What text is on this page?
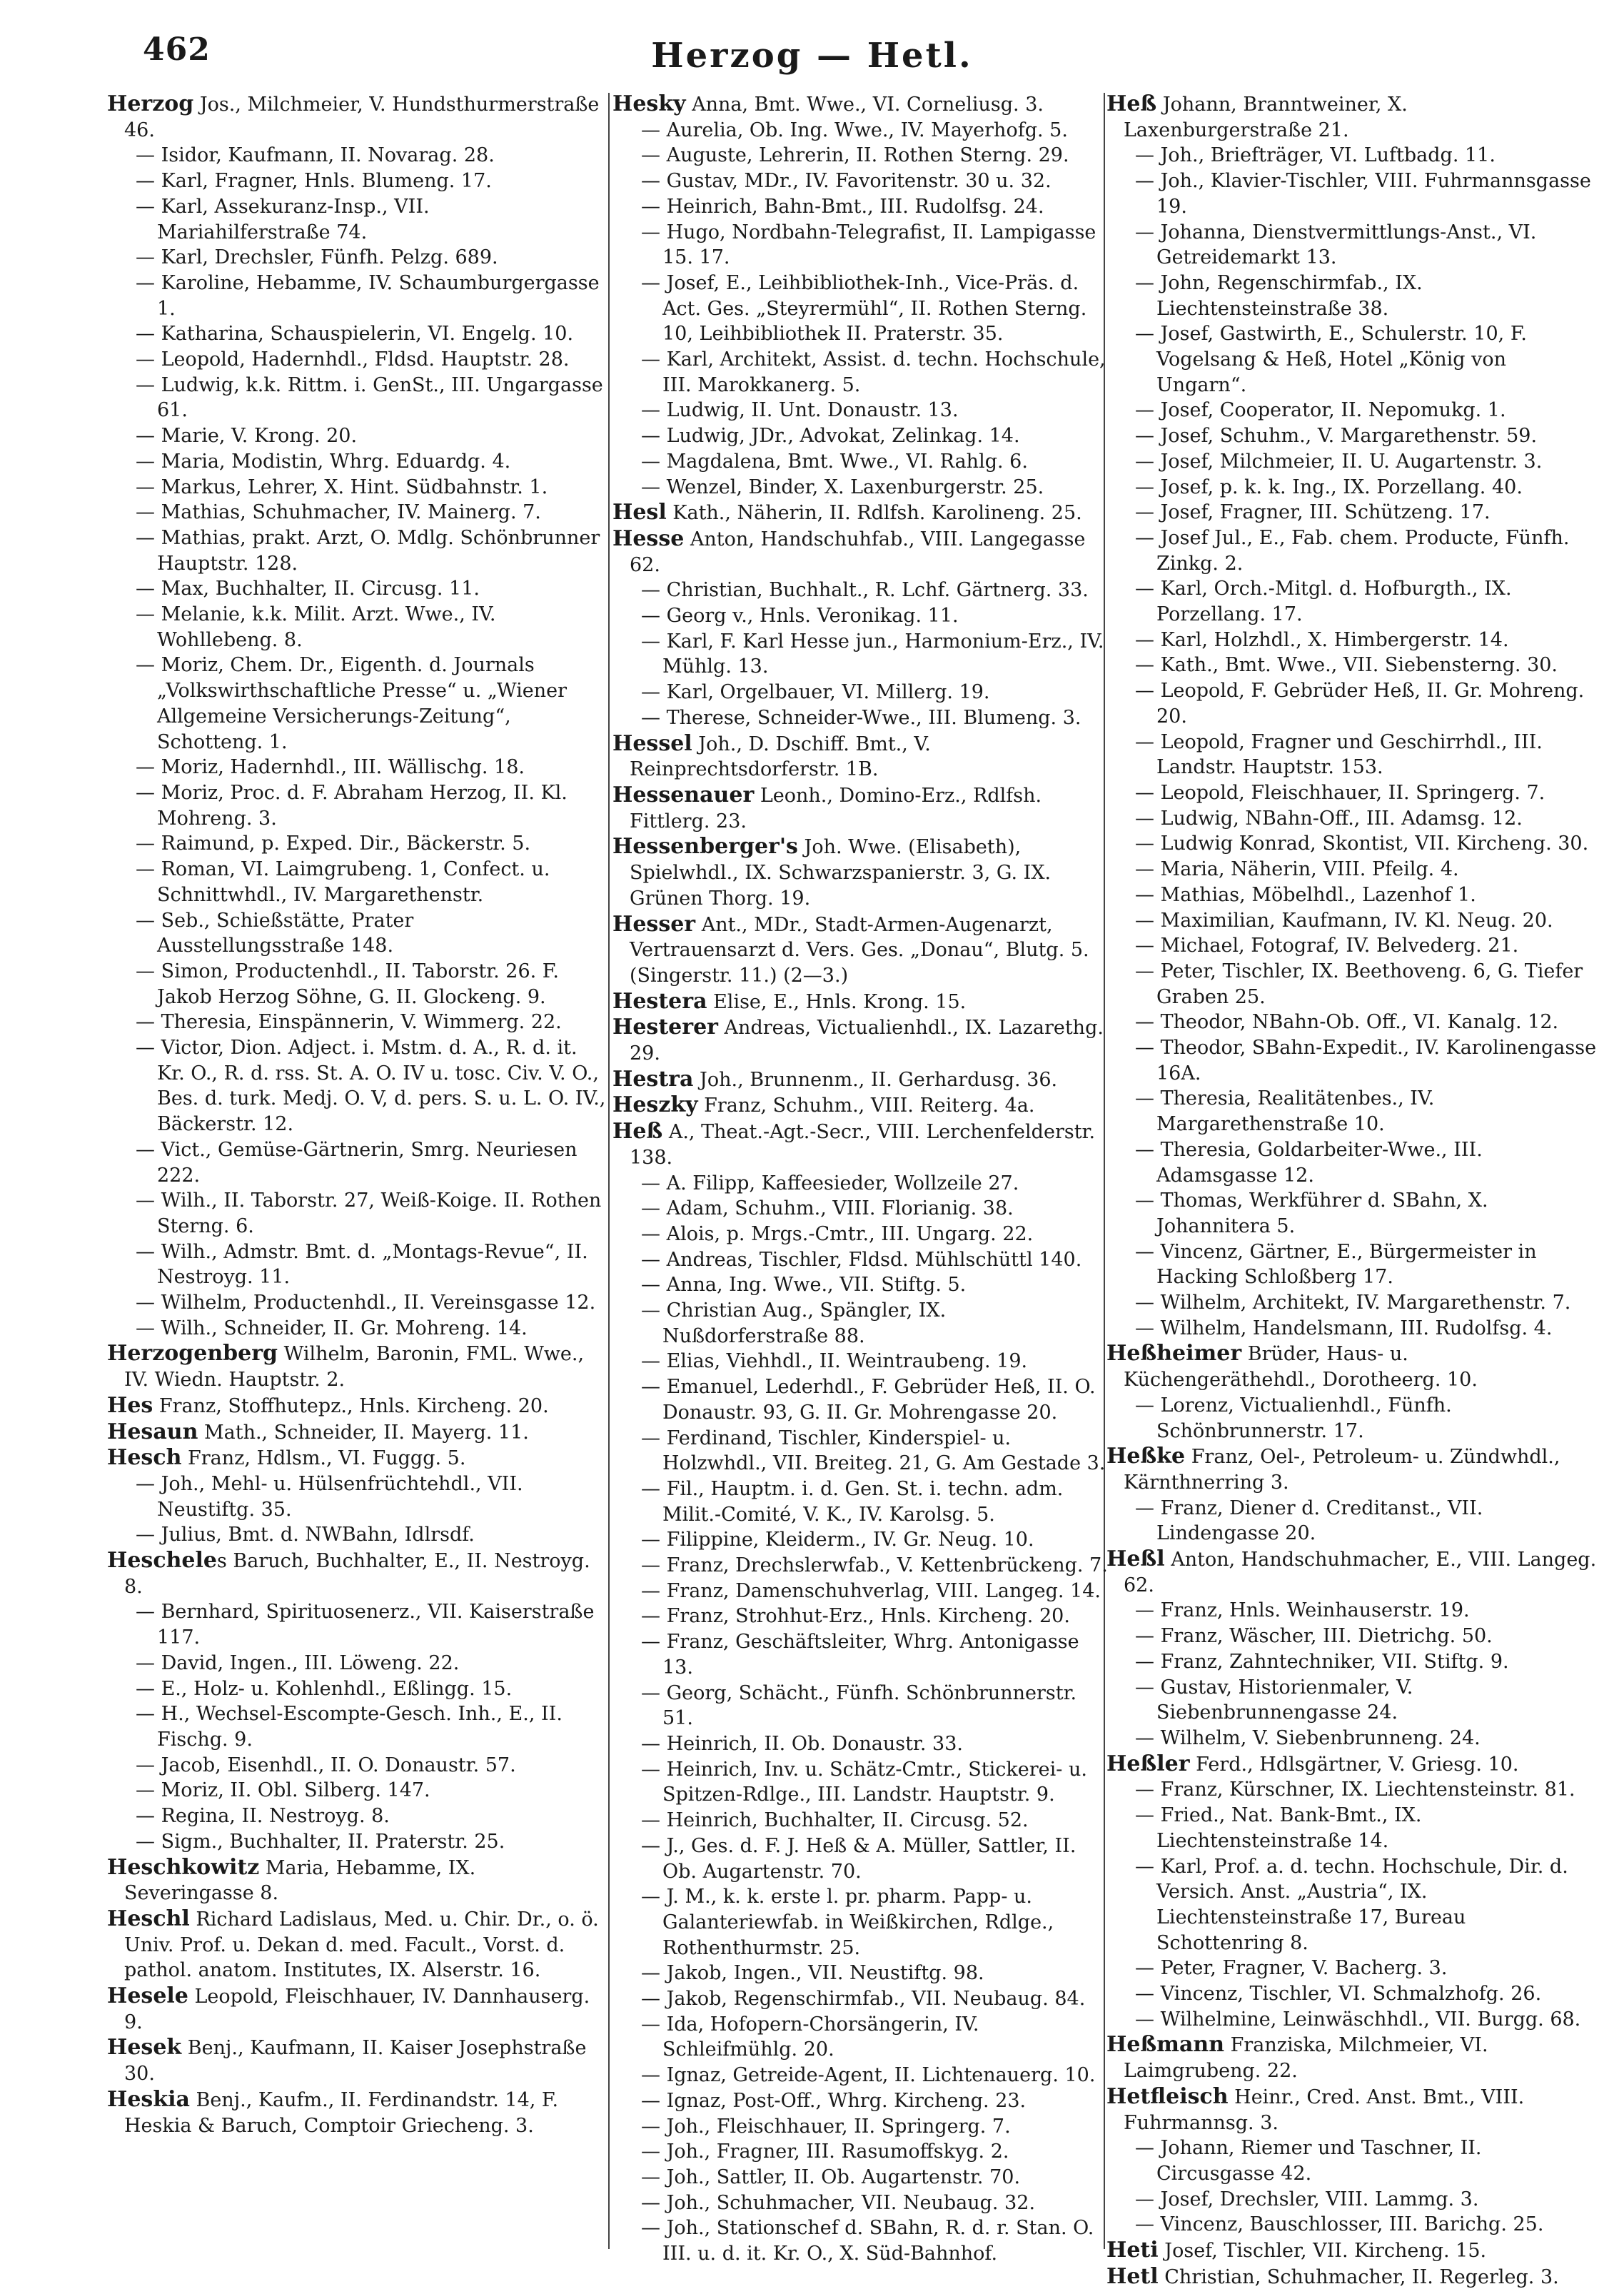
462	Herzog — Hetl.
Herzog Jos., Milchmeier, V. Hundsthurmerstraße 46.
— Isidor, Kaufmann, II. Novarag. 28.
— Karl, Fragner, Hnls. Blumeng. 17.
— Karl, Assekuranz-Insp., VII. Mariahilferstraße 74.
— Karl, Drechsler, Fünfh. Pelzg. 689.
— Karoline, Hebamme, IV. Schaumburgergasse 1.
— Katharina, Schauspielerin, VI. Engelg. 10.
— Leopold, Hadernhdl., Fldsd. Hauptstr. 28.
— Ludwig, k.k. Rittm. i. GenSt., III. Ungargasse 61.
— Marie, V. Krong. 20.
— Maria, Modistin, Whrg. Eduardg. 4.
— Markus, Lehrer, X. Hint. Südbahnstr. 1.
— Mathias, Schuhmacher, IV. Mainerg. 7.
— Mathias, prakt. Arzt, O. Mdlg. Schönbrunner Hauptstr. 128.
— Max, Buchhalter, II. Circusg. 11.
— Melanie, k.k. Milit. Arzt. Wwe., IV. Wohllebeng. 8.
— Moriz, Chem. Dr., Eigenth. d. Journals „Volkswirthschaftliche Presse“ u. „Wiener Allgemeine Versicherungs-Zeitung“, Schotteng. 1.
— Moriz, Hadernhdl., III. Wällischg. 18.
— Moriz, Proc. d. F. Abraham Herzog, II. Kl. Mohreng. 3.
— Raimund, p. Exped. Dir., Bäckerstr. 5.
— Roman, VI. Laimgrubeng. 1, Confect. u. Schnittwhdl., IV. Margarethenstr.
— Seb., Schießstätte, Prater Ausstellungsstraße 148.
— Simon, Productenhdl., II. Taborstr. 26. F. Jakob Herzog Söhne, G. II. Glockeng. 9.
— Theresia, Einspännerin, V. Wimmerg. 22.
— Victor, Dion. Adject. i. Mstm. d. A., R. d. it. Kr. O., R. d. rss. St. A. O. IV u. tosc. Civ. V. O., Bes. d. turk. Medj. O. V, d. pers. S. u. L. O. IV., Bäckerstr. 12.
— Vict., Gemüse-Gärtnerin, Smrg. Neuriesen 222.
— Wilh., II. Taborstr. 27, Weiß-Koige. II. Rothen Sterng. 6.
— Wilh., Admstr. Bmt. d. „Montags-Revue“, II. Nestroyg. 11.
— Wilhelm, Productenhdl., II. Vereinsgasse 12.
— Wilh., Schneider, II. Gr. Mohreng. 14.
Herzogenberg Wilhelm, Baronin, FML. Wwe., IV. Wiedn. Hauptstr. 2.
Hes Franz, Stoffhutерz., Hnls. Kircheng. 20.
Hesaun Math., Schneider, II. Mayerg. 11.
Hesch Franz, Hdlsm., VI. Fuggg. 5.
— Joh., Mehl- u. Hülsenfrüchtehdl., VII. Neustiftg. 35.
— Julius, Bmt. d. NWBahn, Idlrsdf.
Hescheles Baruch, Buchhalter, E., II. Nestroyg. 8.
— Bernhard, Spirituosenerz., VII. Kaiserstraße 117.
— David, Ingen., III. Löweng. 22.
— E., Holz- u. Kohlenhdl., Eßlingg. 15.
— H., Wechsel-Escompte-Gesch. Inh., E., II. Fischg. 9.
— Jacob, Eisenhdl., II. O. Donaustr. 57.
— Moriz, II. Obl. Silberg. 147.
— Regina, II. Nestroyg. 8.
— Sigm., Buchhalter, II. Praterstr. 25.
Heschkowitz Maria, Hebamme, IX. Severingasse 8.
Heschl Richard Ladislaus, Med. u. Chir. Dr., o. ö. Univ. Prof. u. Dekan d. med. Facult., Vorst. d. pathol. anatom. Institutes, IX. Alserstr. 16.
Hesele Leopold, Fleischhauer, IV. Dannhauserg. 9.
Hesek Benj., Kaufmann, II. Kaiser Josephstraße 30.
Heskia Benj., Kaufm., II. Ferdinandstr. 14, F. Heskia & Baruch, Comptoir Griecheng. 3.
Hesky Anna, Bmt. Wwe., VI. Corneliusg. 3.
— Aurelia, Ob. Ing. Wwe., IV. Mayerhofg. 5.
— Auguste, Lehrerin, II. Rothen Sterng. 29.
— Gustav, MDr., IV. Favoritenstr. 30 u. 32.
— Heinrich, Bahn-Bmt., III. Rudolfsg. 24.
— Hugo, Nordbahn-Telegrafist, II. Lampigasse 15. 17.
— Josef, E., Leihbibliothek-Inh., Vice-Präs. d. Act. Ges. „Steyrermühl“, II. Rothen Sterng. 10, Leihbibliothek II. Praterstr. 35.
— Karl, Architekt, Assist. d. techn. Hochschule, III. Marokkanerg. 5.
— Ludwig, II. Unt. Donaustr. 13.
— Ludwig, JDr., Advokat, Zelinkag. 14.
— Magdalena, Bmt. Wwe., VI. Rahlg. 6.
— Wenzel, Binder, X. Laxenburgerstr. 25.
Hesl Kath., Näherin, II. Rdlfsh. Karolineng. 25.
Hesse Anton, Handschuhfab., VIII. Langegasse 62.
— Christian, Buchhalt., R. Lchf. Gärtnerg. 33.
— Georg v., Hnls. Veronikag. 11.
— Karl, F. Karl Hesse jun., Harmonium-Erz., IV. Mühlg. 13.
— Karl, Orgelbauer, VI. Millerg. 19.
— Therese, Schneider-Wwe., III. Blumeng. 3.
Hessel Joh., D. Dschiff. Bmt., V. Reinprechtsdorferstr. 1B.
Hessenauer Leonh., Domino-Erz., Rdlfsh. Fittlerg. 23.
Hessenberger's Joh. Wwe. (Elisabeth), Spielwhdl., IX. Schwarzspanierstr. 3, G. IX. Grünen Thorg. 19.
Hesser Ant., MDr., Stadt-Armen-Augenarzt, Vertrauensarzt d. Vers. Ges. „Donau“, Blutg. 5. (Singerstr. 11.) (2—3.)
Hestera Elise, E., Hnls. Krong. 15.
Hesterer Andreas, Victualienhdl., IX. Lazarethg. 29.
Hestra Joh., Brunnenm., II. Gerhardusg. 36.
Heszky Franz, Schuhm., VIII. Reiterg. 4a.
Heß A., Theat.-Agt.-Secr., VIII. Lerchenfelderstr. 138.
— A. Filipp, Kaffeesieder, Wollzeile 27.
— Adam, Schuhm., VIII. Florianig. 38.
— Alois, p. Mrgs.-Cmtr., III. Ungarg. 22.
— Andreas, Tischler, Fldsd. Mühlschüttl 140.
— Anna, Ing. Wwe., VII. Stiftg. 5.
— Christian Aug., Spängler, IX. Nußdorferstraße 88.
— Elias, Viehhdl., II. Weintraubeng. 19.
— Emanuel, Lederhdl., F. Gebrüder Heß, II. O. Donaustr. 93, G. II. Gr. Mohrengasse 20.
— Ferdinand, Tischler, Kinderspiel- u. Holzwhdl., VII. Breiteg. 21, G. Am Gestade 3.
— Fil., Hauptm. i. d. Gen. St. i. techn. adm. Milit.-Comité, V. K., IV. Karolsg. 5.
— Filippine, Kleiderm., IV. Gr. Neug. 10.
— Franz, Drechslerwfab., V. Kettenbrückeng. 7.
— Franz, Damenschuhverlag, VIII. Langeg. 14.
— Franz, Strohhut-Erz., Hnls. Kircheng. 20.
— Franz, Geschäftsleiter, Whrg. Antonigasse 13.
— Georg, Schächt., Fünfh. Schönbrunnerstr. 51.
— Heinrich, II. Ob. Donaustr. 33.
— Heinrich, Inv. u. Schätz-Cmtr., Stickerei- u. Spitzen-Rdlge., III. Landstr. Hauptstr. 9.
— Heinrich, Buchhalter, II. Circusg. 52.
— J., Ges. d. F. J. Heß & A. Müller, Sattler, II. Ob. Augartenstr. 70.
— J. M., k. k. erste l. pr. pharm. Papp- u. Galanteriewfab. in Weißkirchen, Rdlge., Rothenthurmstr. 25.
— Jakob, Ingen., VII. Neustiftg. 98.
— Jakob, Regenschirmfab., VII. Neubaug. 84.
— Ida, Hofopern-Chorsängerin, IV. Schleifmühlg. 20.
— Ignaz, Getreide-Agent, II. Lichtenauerg. 10.
— Ignaz, Post-Off., Whrg. Kircheng. 23.
— Joh., Fleischhauer, II. Springerg. 7.
— Joh., Fragner, III. Rasumoffskyg. 2.
— Joh., Sattler, II. Ob. Augartenstr. 70.
— Joh., Schuhmacher, VII. Neubaug. 32.
— Joh., Stationschef d. SBahn, R. d. r. Stan. O. III. u. d. it. Kr. O., X. Süd-Bahnhof.
Heß Johann, Branntweiner, X. Laxenburgerstraße 21.
— Joh., Briefträger, VI. Luftbadg. 11.
— Joh., Klavier-Tischler, VIII. Fuhrmannsgasse 19.
— Johanna, Dienstvermittlungs-Anst., VI. Getreidemarkt 13.
— John, Regenschirmfab., IX. Liechtensteinstraße 38.
— Josef, Gastwirth, E., Schulerstr. 10, F. Vogelsang & Heß, Hotel „König von Ungarn“.
— Josef, Cooperator, II. Nepomukg. 1.
— Josef, Schuhm., V. Margarethenstr. 59.
— Josef, Milchmeier, II. U. Augartenstr. 3.
— Josef, p. k. k. Ing., IX. Porzellang. 40.
— Josef, Fragner, III. Schützeng. 17.
— Josef Jul., E., Fab. chem. Producte, Fünfh. Zinkg. 2.
— Karl, Orch.-Mitgl. d. Hofburgth., IX. Porzellang. 17.
— Karl, Holzhdl., X. Himbergerstr. 14.
— Kath., Bmt. Wwe., VII. Siebensterng. 30.
— Leopold, F. Gebrüder Heß, II. Gr. Mohreng. 20.
— Leopold, Fragner und Geschirrhdl., III. Landstr. Hauptstr. 153.
— Leopold, Fleischhauer, II. Springerg. 7.
— Ludwig, NBahn-Off., III. Adamsg. 12.
— Ludwig Konrad, Skontist, VII. Kircheng. 30.
— Maria, Näherin, VIII. Pfeilg. 4.
— Mathias, Möbelhdl., Lazenhof 1.
— Maximilian, Kaufmann, IV. Kl. Neug. 20.
— Michael, Fotograf, IV. Belvederg. 21.
— Peter, Tischler, IX. Beethoveng. 6, G. Tiefer Graben 25.
— Theodor, NBahn-Ob. Off., VI. Kanalg. 12.
— Theodor, SBahn-Expedit., IV. Karolinengasse 16A.
— Theresia, Realitätenbes., IV. Margarethenstraße 10.
— Theresia, Goldarbeiter-Wwe., III. Adamsgasse 12.
— Thomas, Werkführer d. SBahn, X. Johannitera 5.
— Vincenz, Gärtner, E., Bürgermeister in Hacking Schloßberg 17.
— Wilhelm, Architekt, IV. Margarethenstr. 7.
— Wilhelm, Handelsmann, III. Rudolfsg. 4.
Heßheimer Brüder, Haus- u. Küchengeräthehdl., Dorotheerg. 10.
— Lorenz, Victualienhdl., Fünfh. Schönbrunnerstr. 17.
Heßke Franz, Oel-, Petroleum- u. Zündwhdl., Kärnthnerring 3.
— Franz, Diener d. Creditanst., VII. Lindengasse 20.
Heßl Anton, Handschuhmacher, E., VIII. Langeg. 62.
— Franz, Hnls. Weinhauserstr. 19.
— Franz, Wäscher, III. Dietrichg. 50.
— Franz, Zahntechniker, VII. Stiftg. 9.
— Gustav, Historienmaler, V. Siebenbrunnengasse 24.
— Wilhelm, V. Siebenbrunneng. 24.
Heßler Ferd., Hdlsgärtner, V. Griesg. 10.
— Franz, Kürschner, IX. Liechtensteinstr. 81.
— Fried., Nat. Bank-Bmt., IX. Liechtensteinstraße 14.
— Karl, Prof. a. d. techn. Hochschule, Dir. d. Versich. Anst. „Austria“, IX. Liechtensteinstraße 17, Bureau Schottenring 8.
— Peter, Fragner, V. Bacherg. 3.
— Vincenz, Tischler, VI. Schmalzhofg. 26.
— Wilhelmine, Leinwäschhdl., VII. Burgg. 68.
Heßmann Franziska, Milchmeier, VI. Laimgrubeng. 22.
Hetfleisch Heinr., Cred. Anst. Bmt., VIII. Fuhrmannsg. 3.
— Johann, Riemer und Taschner, II. Circusgasse 42.
— Josef, Drechsler, VIII. Lammg. 3.
— Vincenz, Bauschlosser, III. Barichg. 25.
Heti Josef, Tischler, VII. Kircheng. 15.
Hetl Christian, Schuhmacher, II. Regerleg. 3.
